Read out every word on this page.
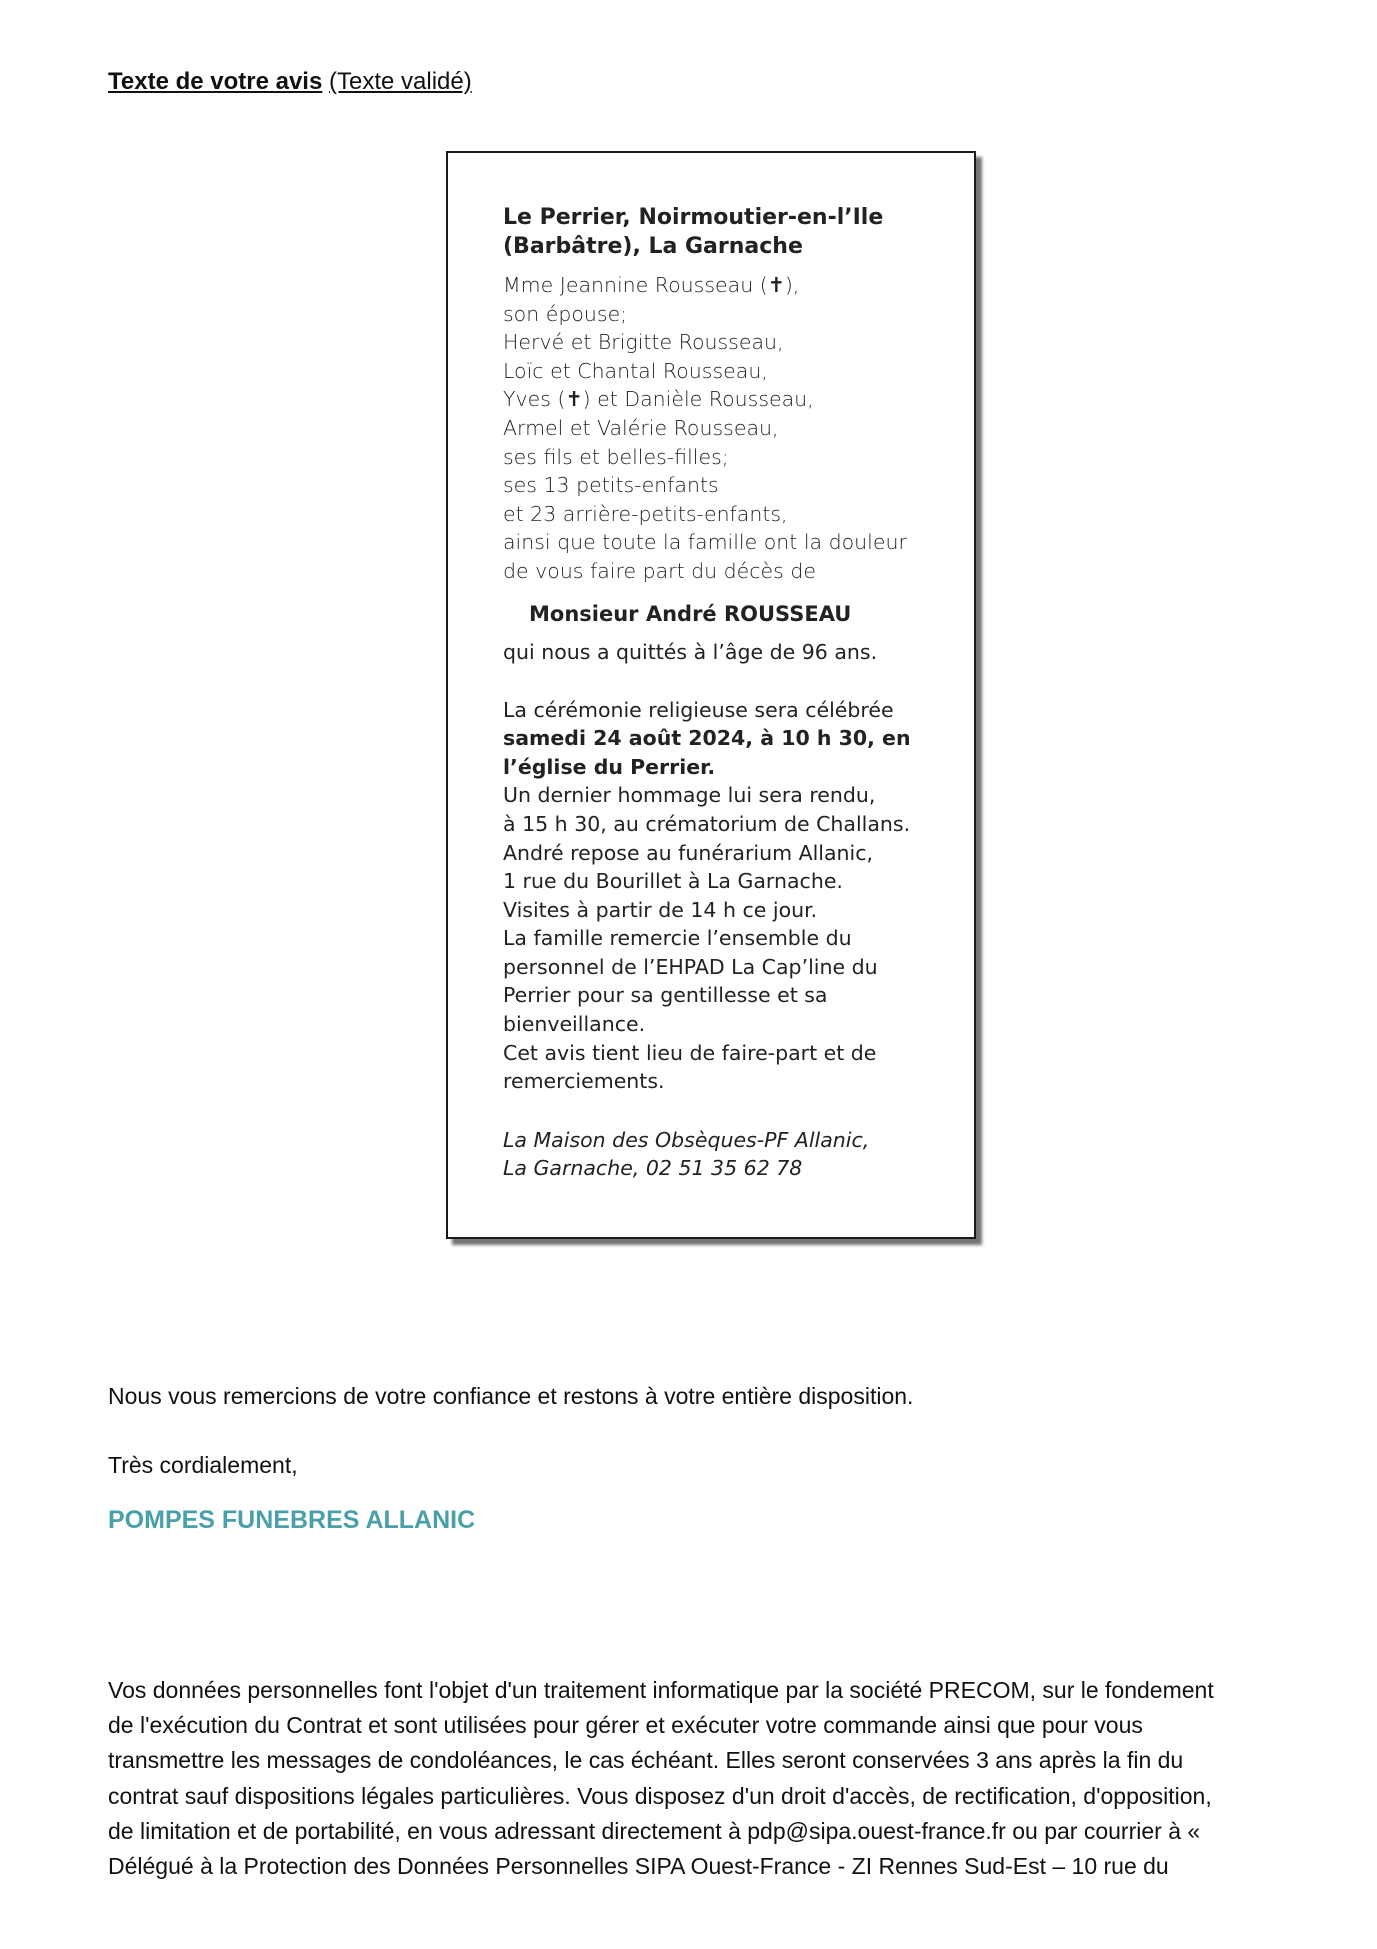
Texte de votre avis (Texte validé)
Le Perrier, Noirmoutier-en-l’Ile
(Barbâtre), La Garnache
Mme Jeannine Rousseau (✝),
son épouse;
Hervé et Brigitte Rousseau,
Loïc et Chantal Rousseau,
Yves (✝) et Danièle Rousseau,
Armel et Valérie Rousseau,
ses fils et belles-filles;
ses 13 petits-enfants
et 23 arrière-petits-enfants,
ainsi que toute la famille ont la douleur
de vous faire part du décès de
Monsieur André ROUSSEAU
qui nous a quittés à l’âge de 96 ans.
La cérémonie religieuse sera célébrée
samedi 24 août 2024, à 10 h 30, en
l’église du Perrier.
Un dernier hommage lui sera rendu,
à 15 h 30, au crématorium de Challans.
André repose au funérarium Allanic,
1 rue du Bourillet à La Garnache.
Visites à partir de 14 h ce jour.
La famille remercie l’ensemble du
personnel de l’EHPAD La Cap’line du
Perrier pour sa gentillesse et sa
bienveillance.
Cet avis tient lieu de faire-part et de
remerciements.
La Maison des Obsèques-PF Allanic,
La Garnache, 02 51 35 62 78
Nous vous remercions de votre confiance et restons à votre entière disposition.
Très cordialement,
POMPES FUNEBRES ALLANIC
Vos données personnelles font l'objet d'un traitement informatique par la société PRECOM, sur le fondement
de l'exécution du Contrat et sont utilisées pour gérer et exécuter votre commande ainsi que pour vous
transmettre les messages de condoléances, le cas échéant. Elles seront conservées 3 ans après la fin du
contrat sauf dispositions légales particulières. Vous disposez d'un droit d'accès, de rectification, d'opposition,
de limitation et de portabilité, en vous adressant directement à pdp@sipa.ouest-france.fr ou par courrier à «
Délégué à la Protection des Données Personnelles SIPA Ouest-France - ZI Rennes Sud-Est – 10 rue du
